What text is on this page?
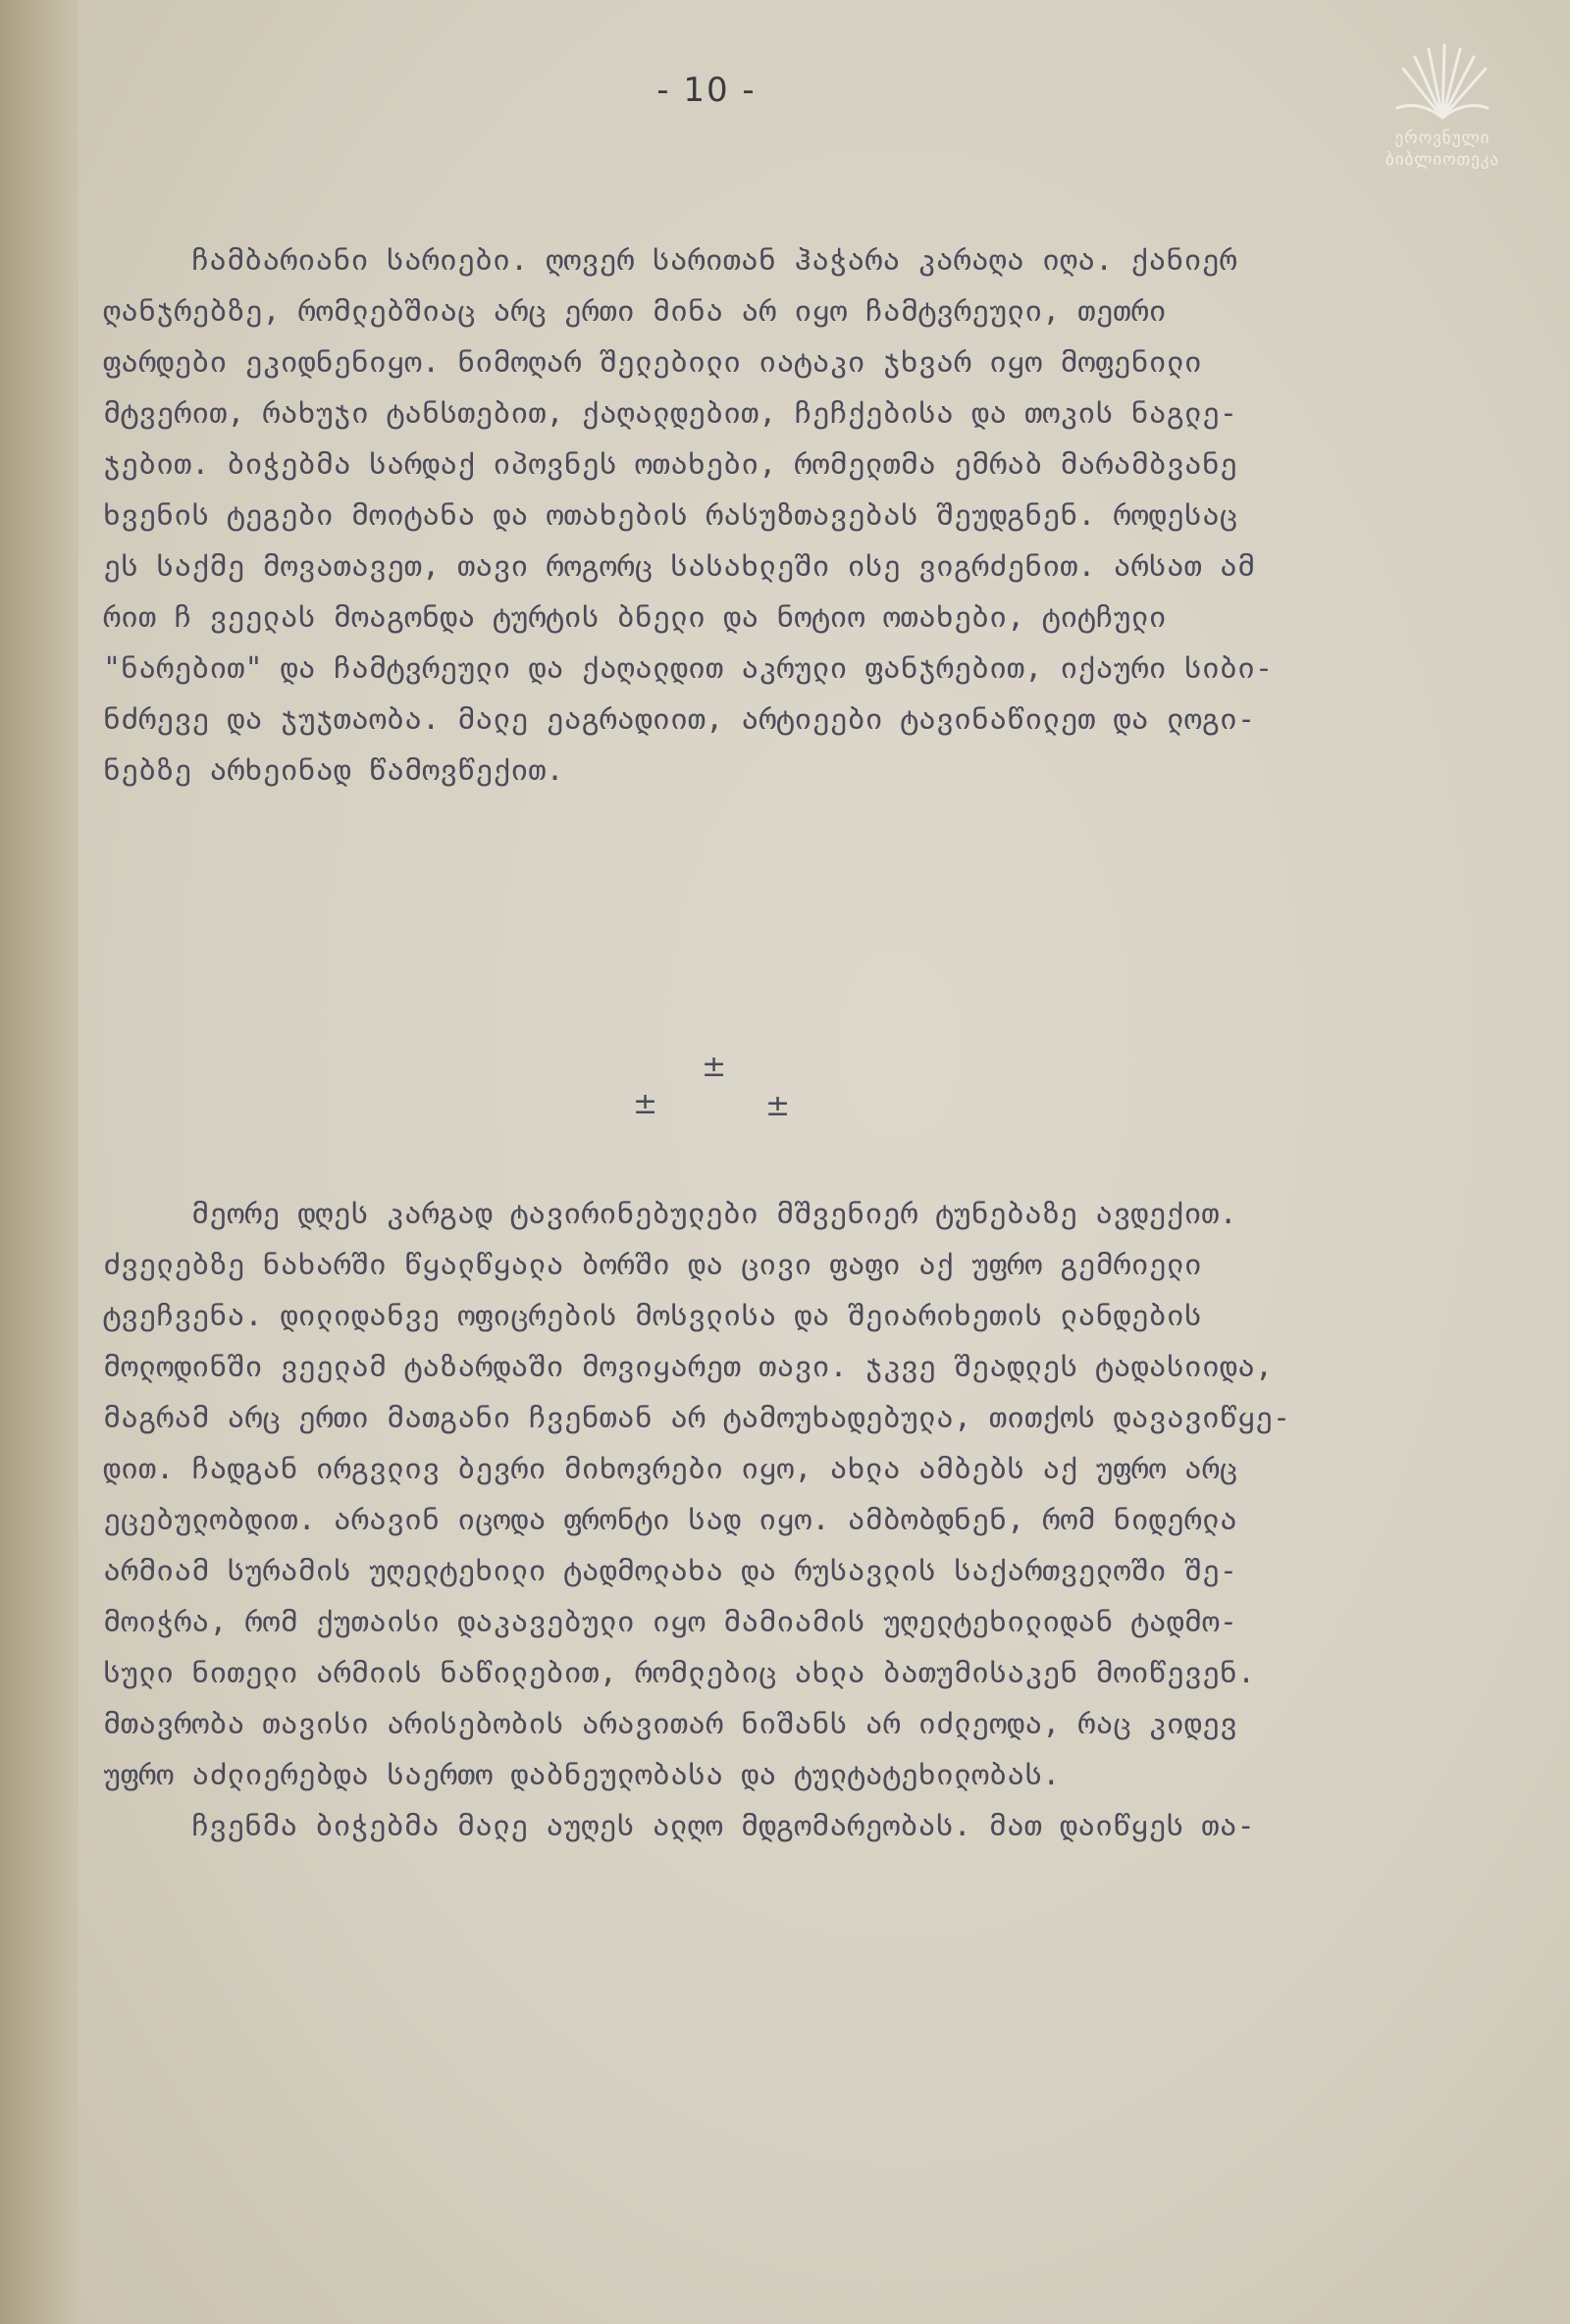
- 10 -
ეროვნული
ბიბლიოთეკა
ჩამბარიანი სარიები. ღოვერ სარითან ჰაჭარა კარაღა იღა. ქანიერ
ღანჯრებზე, რომლებშიაც არც ერთი მინა არ იყო ჩამტვრეული, თეთრი
ფარდები ეკიდნენიყო. ნიმოღარ შელებილი იატაკი ჯხვარ იყო მოფენილი
მტვერით, რახუჯი ტანსთებით, ქაღალდებით, ჩეჩქებისა და თოკის ნაგლე-
ჯებით. ბიჭებმა სარდაქ იპოვნეს ოთახები, რომელთმა ემრაბ მარამბვანე
ხვენის ტეგები მოიტანა და ოთახების რასუზთავებას შეუდგნენ. როდესაც
ეს საქმე მოვათავეთ, თავი როგორც სასახლეში ისე ვიგრძენით. არსათ ამ
რით ჩ ვეელას მოაგონდა ტურტის ბნელი და ნოტიო ოთახები, ტიტჩული
"ნარებით" და ჩამტვრეული და ქაღალდით აკრული ფანჯრებით, იქაური სიბი-
ნძრევე და ჯუჯთაობა. მალე ეაგრადიით, არტიეები ტავინაწილეთ და ლოგი-
ნებზე არხეინად წამოვწექით.
±
±	±
მეორე დღეს კარგად ტავირინებულები მშვენიერ ტუნებაზე ავდექით.
ძველებზე ნახარში წყალწყალა ბორში და ცივი ფაფი აქ უფრო გემრიელი
ტვეჩვენა. დილიდანვე ოფიცრების მოსვლისა და შეიარიხეთის ლანდების
მოლოდინში ვეელამ ტაზარდაში მოვიყარეთ თავი. ჯკვე შეადლეს ტადასიიდა,
მაგრამ არც ერთი მათგანი ჩვენთან არ ტამოუხადებულა, თითქოს დავავიწყე-
დით. ჩადგან ირგვლივ ბევრი მიხოვრები იყო, ახლა ამბებს აქ უფრო არც
ეცებულობდით. არავინ იცოდა ფრონტი სად იყო. ამბობდნენ, რომ ნიდერლა
არმიამ სურამის უღელტეხილი ტადმოლახა და რუსავლის საქართველოში შე-
მოიჭრა, რომ ქუთაისი დაკავებული იყო მამიამის უღელტეხილიდან ტადმო-
სული ნითელი არმიის ნაწილებით, რომლებიც ახლა ბათუმისაკენ მოიწევენ.
მთავრობა თავისი არისებობის არავითარ ნიშანს არ იძლეოდა, რაც კიდევ
უფრო აძლიერებდა საერთო დაბნეულობასა და ტულტატეხილობას.
ჩვენმა ბიჭებმა მალე აუღეს ალღო მდგომარეობას. მათ დაიწყეს თა-
